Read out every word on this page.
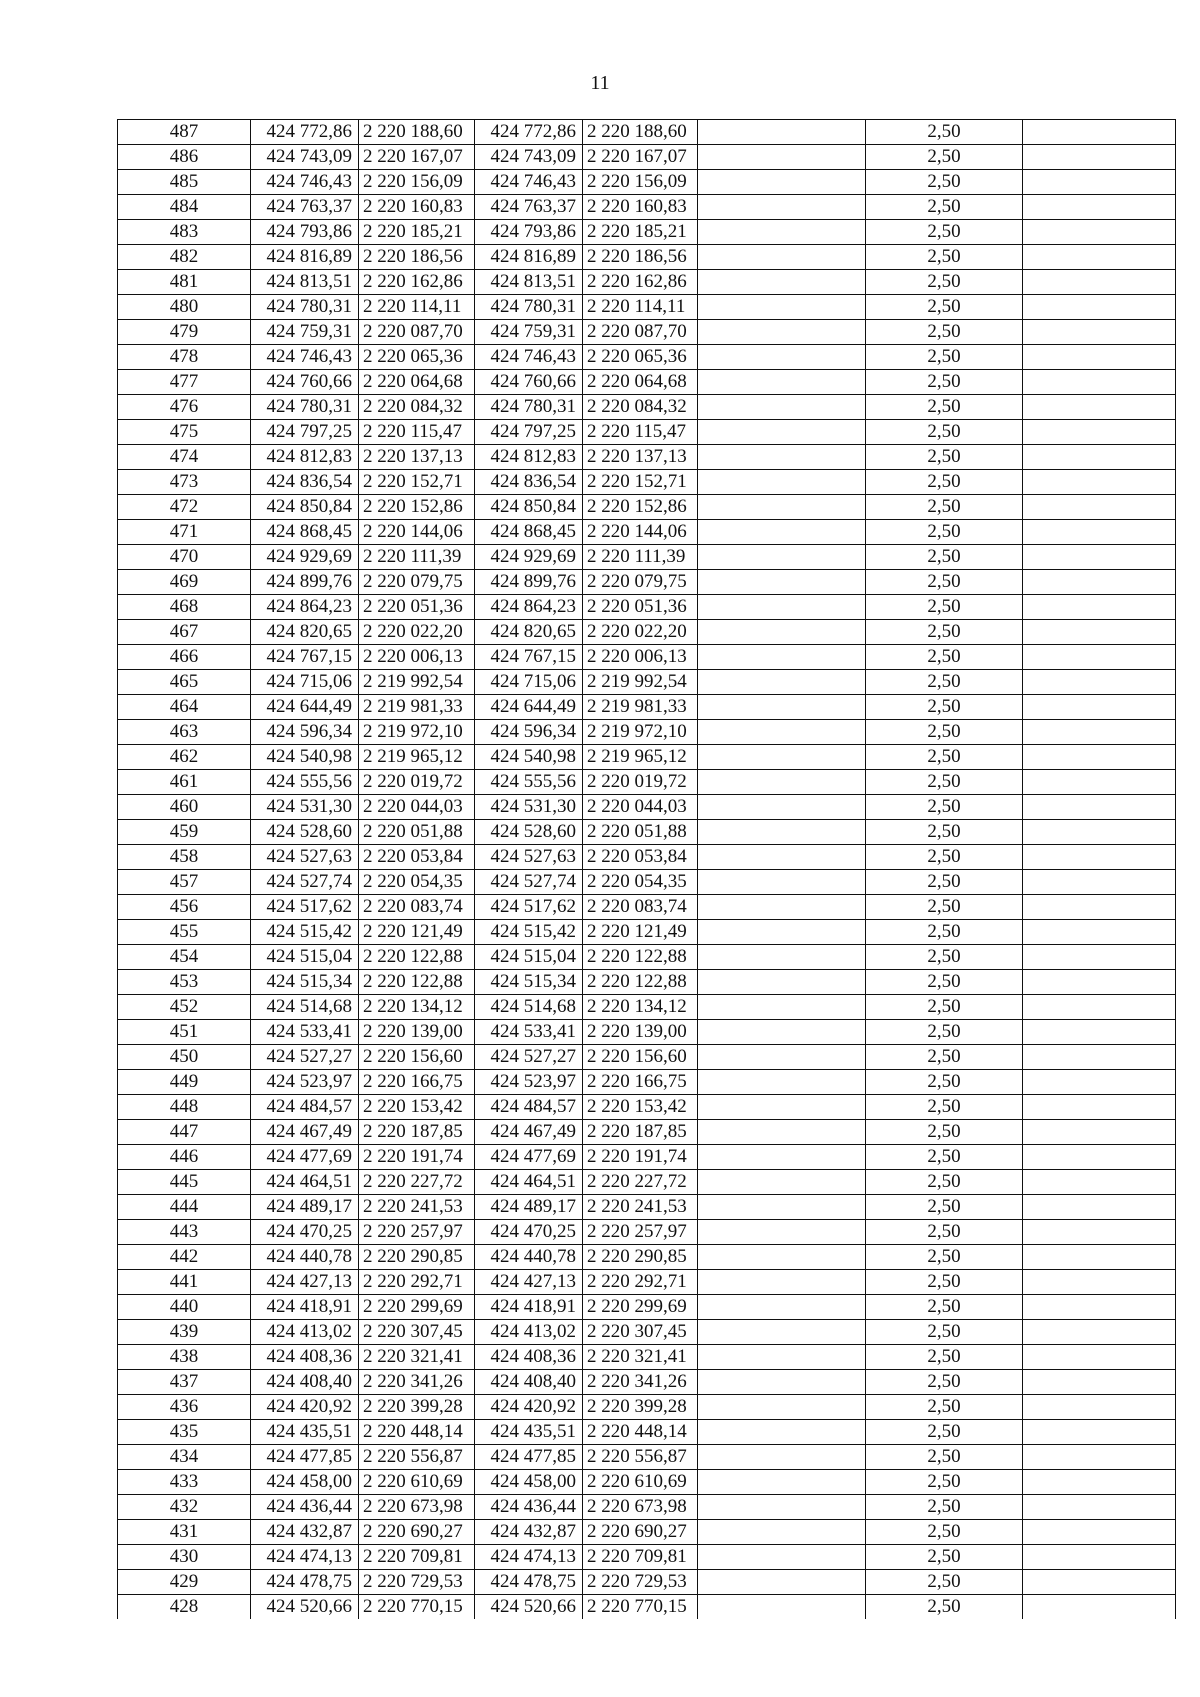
11
487	424 772,86	2 220 188,60	424 772,86	2 220 188,60		2,50	
486	424 743,09	2 220 167,07	424 743,09	2 220 167,07		2,50	
485	424 746,43	2 220 156,09	424 746,43	2 220 156,09		2,50	
484	424 763,37	2 220 160,83	424 763,37	2 220 160,83		2,50	
483	424 793,86	2 220 185,21	424 793,86	2 220 185,21		2,50	
482	424 816,89	2 220 186,56	424 816,89	2 220 186,56		2,50	
481	424 813,51	2 220 162,86	424 813,51	2 220 162,86		2,50	
480	424 780,31	2 220 114,11	424 780,31	2 220 114,11		2,50	
479	424 759,31	2 220 087,70	424 759,31	2 220 087,70		2,50	
478	424 746,43	2 220 065,36	424 746,43	2 220 065,36		2,50	
477	424 760,66	2 220 064,68	424 760,66	2 220 064,68		2,50	
476	424 780,31	2 220 084,32	424 780,31	2 220 084,32		2,50	
475	424 797,25	2 220 115,47	424 797,25	2 220 115,47		2,50	
474	424 812,83	2 220 137,13	424 812,83	2 220 137,13		2,50	
473	424 836,54	2 220 152,71	424 836,54	2 220 152,71		2,50	
472	424 850,84	2 220 152,86	424 850,84	2 220 152,86		2,50	
471	424 868,45	2 220 144,06	424 868,45	2 220 144,06		2,50	
470	424 929,69	2 220 111,39	424 929,69	2 220 111,39		2,50	
469	424 899,76	2 220 079,75	424 899,76	2 220 079,75		2,50	
468	424 864,23	2 220 051,36	424 864,23	2 220 051,36		2,50	
467	424 820,65	2 220 022,20	424 820,65	2 220 022,20		2,50	
466	424 767,15	2 220 006,13	424 767,15	2 220 006,13		2,50	
465	424 715,06	2 219 992,54	424 715,06	2 219 992,54		2,50	
464	424 644,49	2 219 981,33	424 644,49	2 219 981,33		2,50	
463	424 596,34	2 219 972,10	424 596,34	2 219 972,10		2,50	
462	424 540,98	2 219 965,12	424 540,98	2 219 965,12		2,50	
461	424 555,56	2 220 019,72	424 555,56	2 220 019,72		2,50	
460	424 531,30	2 220 044,03	424 531,30	2 220 044,03		2,50	
459	424 528,60	2 220 051,88	424 528,60	2 220 051,88		2,50	
458	424 527,63	2 220 053,84	424 527,63	2 220 053,84		2,50	
457	424 527,74	2 220 054,35	424 527,74	2 220 054,35		2,50	
456	424 517,62	2 220 083,74	424 517,62	2 220 083,74		2,50	
455	424 515,42	2 220 121,49	424 515,42	2 220 121,49		2,50	
454	424 515,04	2 220 122,88	424 515,04	2 220 122,88		2,50	
453	424 515,34	2 220 122,88	424 515,34	2 220 122,88		2,50	
452	424 514,68	2 220 134,12	424 514,68	2 220 134,12		2,50	
451	424 533,41	2 220 139,00	424 533,41	2 220 139,00		2,50	
450	424 527,27	2 220 156,60	424 527,27	2 220 156,60		2,50	
449	424 523,97	2 220 166,75	424 523,97	2 220 166,75		2,50	
448	424 484,57	2 220 153,42	424 484,57	2 220 153,42		2,50	
447	424 467,49	2 220 187,85	424 467,49	2 220 187,85		2,50	
446	424 477,69	2 220 191,74	424 477,69	2 220 191,74		2,50	
445	424 464,51	2 220 227,72	424 464,51	2 220 227,72		2,50	
444	424 489,17	2 220 241,53	424 489,17	2 220 241,53		2,50	
443	424 470,25	2 220 257,97	424 470,25	2 220 257,97		2,50	
442	424 440,78	2 220 290,85	424 440,78	2 220 290,85		2,50	
441	424 427,13	2 220 292,71	424 427,13	2 220 292,71		2,50	
440	424 418,91	2 220 299,69	424 418,91	2 220 299,69		2,50	
439	424 413,02	2 220 307,45	424 413,02	2 220 307,45		2,50	
438	424 408,36	2 220 321,41	424 408,36	2 220 321,41		2,50	
437	424 408,40	2 220 341,26	424 408,40	2 220 341,26		2,50	
436	424 420,92	2 220 399,28	424 420,92	2 220 399,28		2,50	
435	424 435,51	2 220 448,14	424 435,51	2 220 448,14		2,50	
434	424 477,85	2 220 556,87	424 477,85	2 220 556,87		2,50	
433	424 458,00	2 220 610,69	424 458,00	2 220 610,69		2,50	
432	424 436,44	2 220 673,98	424 436,44	2 220 673,98		2,50	
431	424 432,87	2 220 690,27	424 432,87	2 220 690,27		2,50	
430	424 474,13	2 220 709,81	424 474,13	2 220 709,81		2,50	
429	424 478,75	2 220 729,53	424 478,75	2 220 729,53		2,50	
428	424 520,66	2 220 770,15	424 520,66	2 220 770,15		2,50	
